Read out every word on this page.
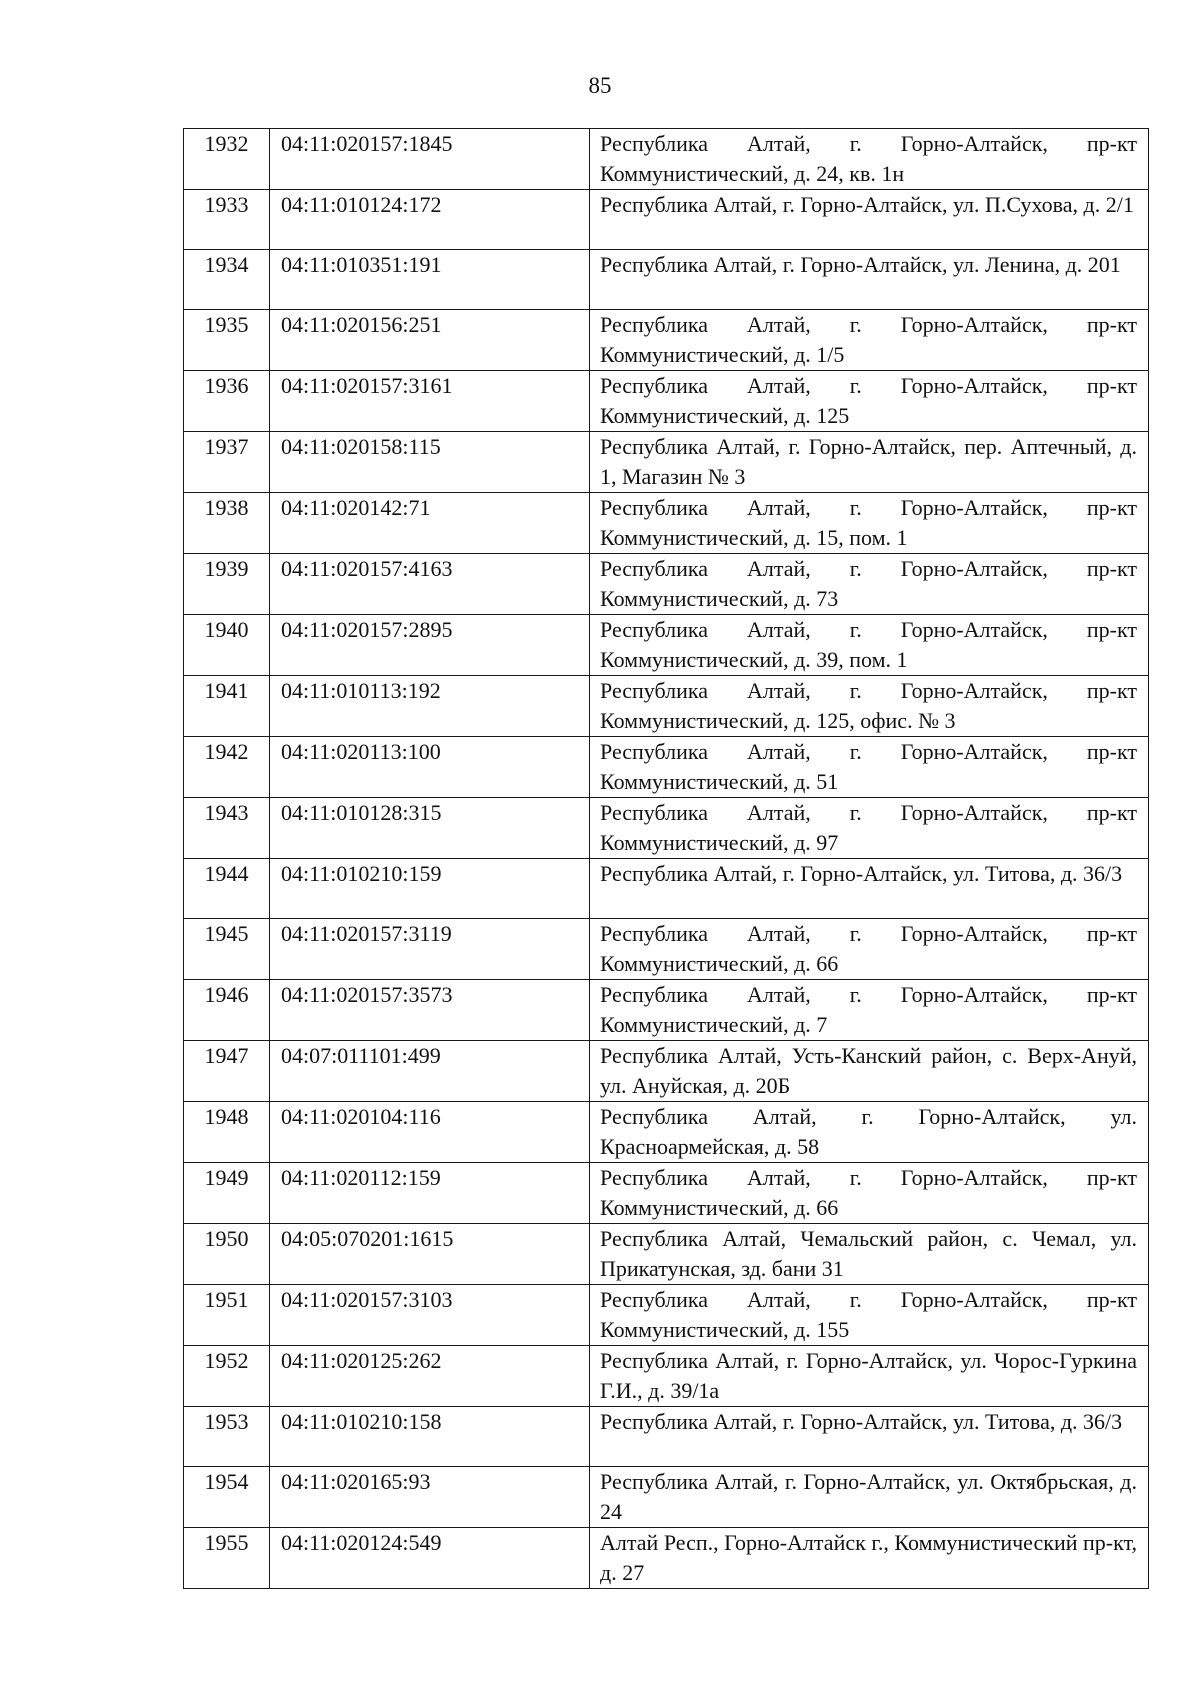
85
1932	04:11:020157:1845	Республика Алтай, г. Горно-Алтайск, пр-кт Коммунистический, д. 24, кв. 1н
1933	04:11:010124:172	Республика Алтай, г. Горно-Алтайск, ул. П.Сухова, д. 2/1
1934	04:11:010351:191	Республика Алтай, г. Горно-Алтайск, ул. Ленина, д. 201
1935	04:11:020156:251	Республика Алтай, г. Горно-Алтайск, пр-кт Коммунистический, д. 1/5
1936	04:11:020157:3161	Республика Алтай, г. Горно-Алтайск, пр-кт Коммунистический, д. 125
1937	04:11:020158:115	Республика Алтай, г. Горно-Алтайск, пер. Аптечный, д. 1, Магазин № 3
1938	04:11:020142:71	Республика Алтай, г. Горно-Алтайск, пр-кт Коммунистический, д. 15, пом. 1
1939	04:11:020157:4163	Республика Алтай, г. Горно-Алтайск, пр-кт Коммунистический, д. 73
1940	04:11:020157:2895	Республика Алтай, г. Горно-Алтайск, пр-кт Коммунистический, д. 39, пом. 1
1941	04:11:010113:192	Республика Алтай, г. Горно-Алтайск, пр-кт Коммунистический, д. 125, офис. № 3
1942	04:11:020113:100	Республика Алтай, г. Горно-Алтайск, пр-кт Коммунистический, д. 51
1943	04:11:010128:315	Республика Алтай, г. Горно-Алтайск, пр-кт Коммунистический, д. 97
1944	04:11:010210:159	Республика Алтай, г. Горно-Алтайск, ул. Титова, д. 36/3
1945	04:11:020157:3119	Республика Алтай, г. Горно-Алтайск, пр-кт Коммунистический, д. 66
1946	04:11:020157:3573	Республика Алтай, г. Горно-Алтайск, пр-кт Коммунистический, д. 7
1947	04:07:011101:499	Республика Алтай, Усть-Канский район, с. Верх-Ануй, ул. Ануйская, д. 20Б
1948	04:11:020104:116	Республика Алтай, г. Горно-Алтайск, ул. Красноармейская, д. 58
1949	04:11:020112:159	Республика Алтай, г. Горно-Алтайск, пр-кт Коммунистический, д. 66
1950	04:05:070201:1615	Республика Алтай, Чемальский район, с. Чемал, ул. Прикатунская, зд. бани 31
1951	04:11:020157:3103	Республика Алтай, г. Горно-Алтайск, пр-кт Коммунистический, д. 155
1952	04:11:020125:262	Республика Алтай, г. Горно-Алтайск, ул. Чорос-Гуркина Г.И., д. 39/1а
1953	04:11:010210:158	Республика Алтай, г. Горно-Алтайск, ул. Титова, д. 36/3
1954	04:11:020165:93	Республика Алтай, г. Горно-Алтайск, ул. Октябрьская, д. 24
1955	04:11:020124:549	Алтай Респ., Горно-Алтайск г., Коммунистический пр-кт, д. 27
